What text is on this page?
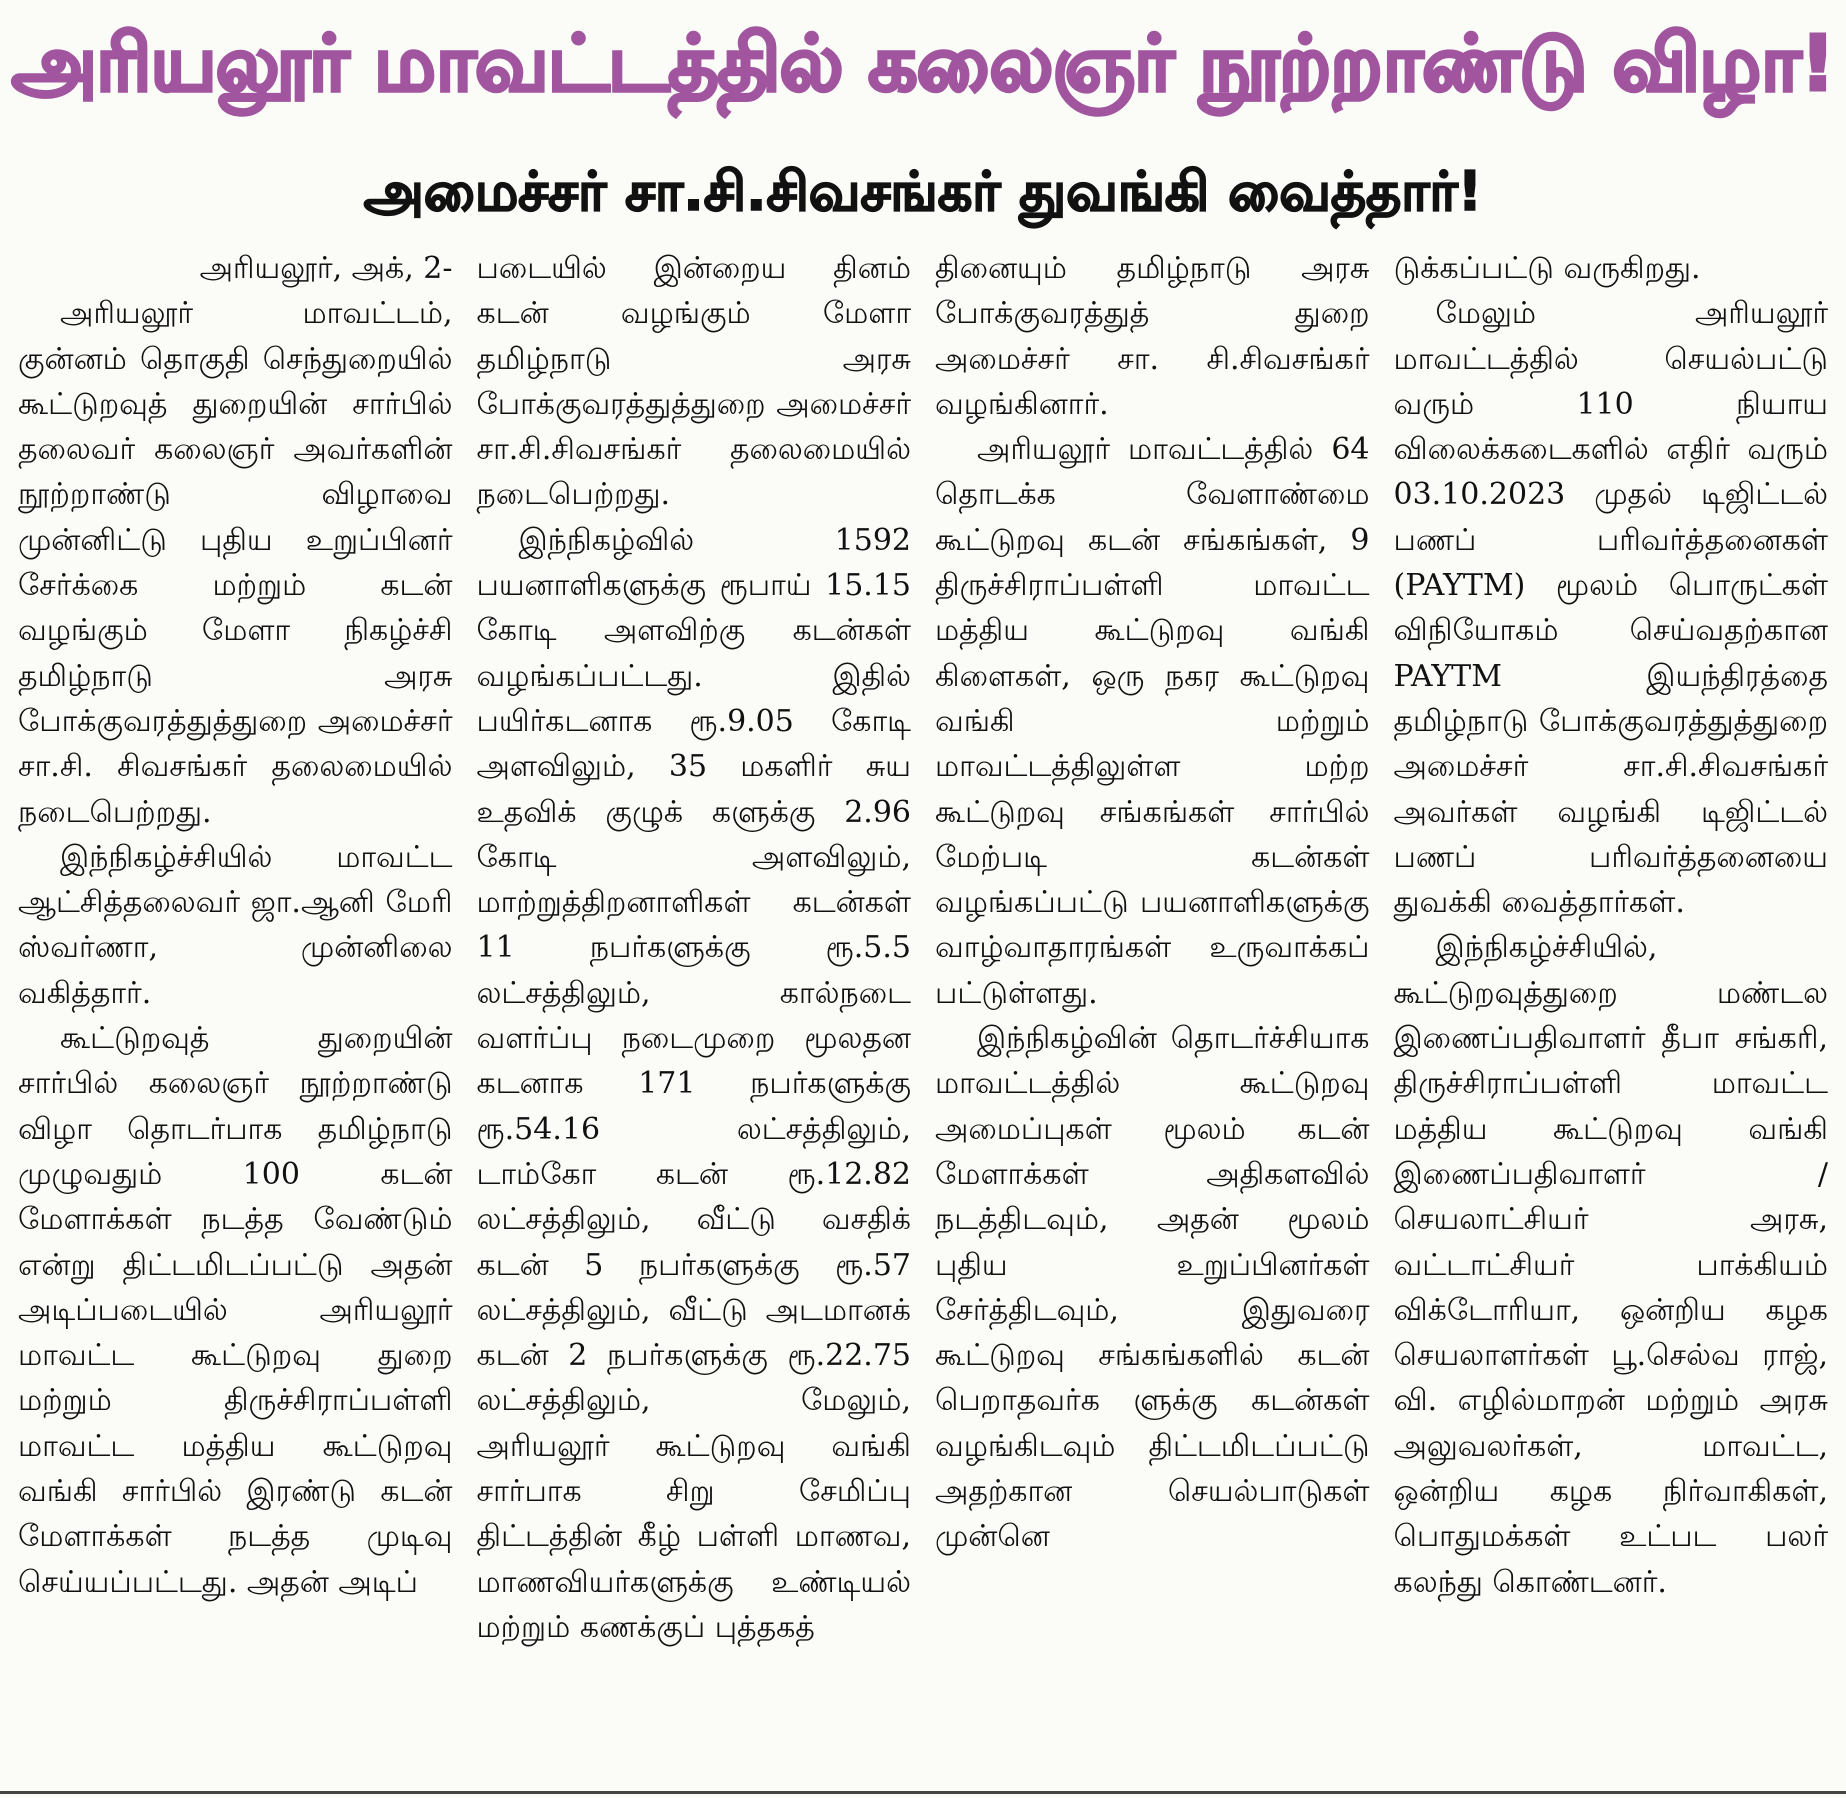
அரியலூர் மாவட்டத்தில் கலைஞர் நூற்றாண்டு விழா!
அமைச்சர் சா.சி.சிவசங்கர் துவங்கி வைத்தார்!

அரியலூர், அக், 2-

அரியலூர் மாவட்டம், குன்னம் தொகுதி செந்துறையில் கூட்டுறவுத் துறையின் சார்பில் தலைவர் கலைஞர் அவர்களின் நூற்றாண்டு விழாவை முன்னிட்டு புதிய உறுப்பினர் சேர்க்கை மற்றும் கடன் வழங்கும் மேளா நிகழ்ச்சி தமிழ்நாடு அரசு போக்குவரத்துத்துறை அமைச்சர் சா.சி. சிவசங்கர் தலைமையில் நடைபெற்றது.

இந்நிகழ்ச்சியில் மாவட்ட ஆட்சித்தலைவர் ஜா.ஆனி மேரி ஸ்வர்ணா, முன்னிலை வகித்தார்.

கூட்டுறவுத் துறையின் சார்பில் கலைஞர் நூற்றாண்டு விழா தொடர்பாக தமிழ்நாடு முழுவதும் 100 கடன் மேளாக்கள் நடத்த வேண்டும் என்று திட்டமிடப்பட்டு அதன் அடிப்படையில் அரியலூர் மாவட்ட கூட்டுறவு துறை மற்றும் திருச்சிராப்பள்ளி மாவட்ட மத்திய கூட்டுறவு வங்கி சார்பில் இரண்டு கடன் மேளாக்கள் நடத்த முடிவு செய்யப்பட்டது. அதன் அடிப்

படையில் இன்றைய தினம் கடன் வழங்கும் மேளா தமிழ்நாடு அரசு போக்குவரத்துத்துறை அமைச்சர் சா.சி.சிவசங்கர் தலைமையில் நடைபெற்றது.

இந்நிகழ்வில் 1592 பயனாளிகளுக்கு ரூபாய் 15.15 கோடி அளவிற்கு கடன்கள் வழங்கப்பட்டது. இதில் பயிர்கடனாக ரூ.9.05 கோடி அளவிலும், 35 மகளிர் சுய உதவிக் குழுக் களுக்கு 2.96 கோடி அளவிலும், மாற்றுத்திறனாளிகள் கடன்கள் 11 நபர்களுக்கு ரூ.5.5 லட்சத்திலும், கால்நடை வளர்ப்பு நடைமுறை மூலதன கடனாக 171 நபர்களுக்கு ரூ.54.16 லட்சத்திலும், டாம்கோ கடன் ரூ.12.82 லட்சத்திலும், வீட்டு வசதிக் கடன் 5 நபர்களுக்கு ரூ.57 லட்சத்திலும், வீட்டு அடமானக் கடன் 2 நபர்களுக்கு ரூ.22.75 லட்சத்திலும், மேலும், அரியலூர் கூட்டுறவு வங்கி சார்பாக சிறு சேமிப்பு திட்டத்தின் கீழ் பள்ளி மாணவ, மாணவியர்களுக்கு உண்டியல் மற்றும் கணக்குப் புத்தகத்

தினையும் தமிழ்நாடு அரசு போக்குவரத்துத் துறை அமைச்சர் சா. சி.சிவசங்கர் வழங்கினார்.

அரியலூர் மாவட்டத்தில் 64 தொடக்க வேளாண்மை கூட்டுறவு கடன் சங்கங்கள், 9 திருச்சிராப்பள்ளி மாவட்ட மத்திய கூட்டுறவு வங்கி கிளைகள், ஒரு நகர கூட்டுறவு வங்கி மற்றும் மாவட்டத்திலுள்ள மற்ற கூட்டுறவு சங்கங்கள் சார்பில் மேற்படி கடன்கள் வழங்கப்பட்டு பயனாளிகளுக்கு வாழ்வாதாரங்கள் உருவாக்கப் பட்டுள்ளது.

இந்நிகழ்வின் தொடர்ச்சியாக மாவட்டத்தில் கூட்டுறவு அமைப்புகள் மூலம் கடன் மேளாக்கள் அதிகளவில் நடத்திடவும், அதன் மூலம் புதிய உறுப்பினர்கள் சேர்த்திடவும், இதுவரை கூட்டுறவு சங்கங்களில் கடன் பெறாதவர்க ளுக்கு கடன்கள் வழங்கிடவும் திட்டமிடப்பட்டு அதற்கான செயல்பாடுகள் முன்னெ

டுக்கப்பட்டு வருகிறது.

மேலும் அரியலூர் மாவட்டத்தில் செயல்பட்டு வரும் 110 நியாய விலைக்கடைகளில் எதிர் வரும் 03.10.2023 முதல் டிஜிட்டல் பணப் பரிவர்த்தனைகள் (PAYTM) மூலம் பொருட்கள் விநியோகம் செய்வதற்கான PAYTM இயந்திரத்தை தமிழ்நாடு போக்குவரத்துத்துறை அமைச்சர் சா.சி.சிவசங்கர் அவர்கள் வழங்கி டிஜிட்டல் பணப் பரிவர்த்தனையை துவக்கி வைத்தார்கள்.

இந்நிகழ்ச்சியில், கூட்டுறவுத்துறை மண்டல இணைப்பதிவாளர் தீபா சங்கரி, திருச்சிராப்பள்ளி மாவட்ட மத்திய கூட்டுறவு வங்கி இணைப்பதிவாளர் / செயலாட்சியர் அரசு, வட்டாட்சியர் பாக்கியம் விக்டோரியா, ஒன்றிய கழக செயலாளர்கள் பூ.செல்வ ராஜ், வி. எழில்மாறன் மற்றும் அரசு அலுவலர்கள், மாவட்ட, ஒன்றிய கழக நிர்வாகிகள், பொதுமக்கள் உட்பட பலர் கலந்து கொண்டனர்.
